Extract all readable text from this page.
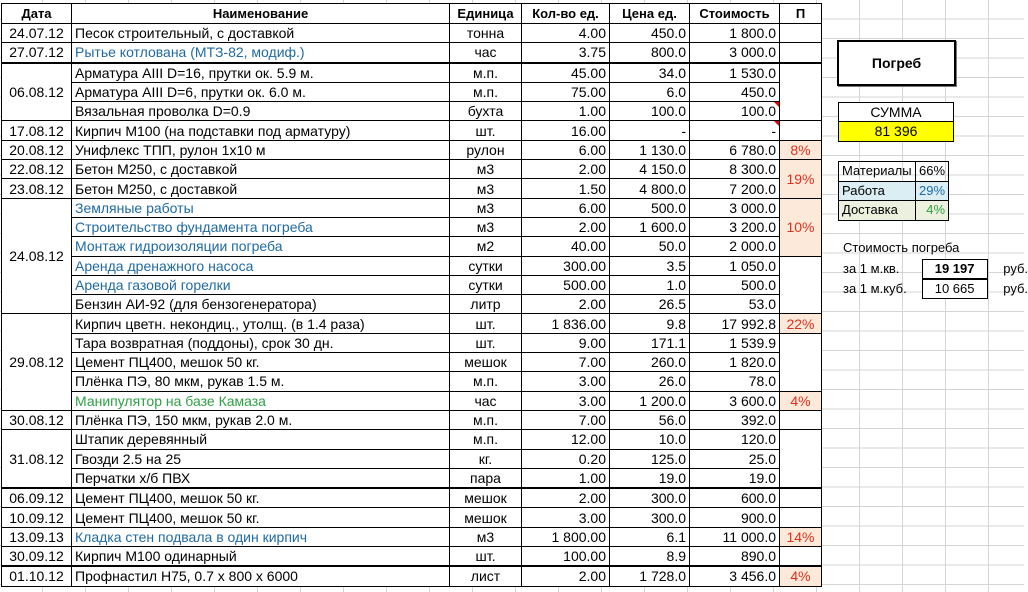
Дата	Наименование	Единица	Кол-во ед.	Цена ед.	Стоимость	П
24.07.12	Песок строительный, с доставкой	тонна	4.00	450.0	1 800.0	
27.07.12	Рытье котлована (МТЗ-82, модиф.)	час	3.75	800.0	3 000.0	
06.08.12	Арматура AIII D=16, прутки ок. 5.9 м.	м.п.	45.00	34.0	1 530.0	
	Арматура AIII D=6, прутки ок. 6.0 м.	м.п.	75.00	6.0	450.0	
	Вязальная проволка D=0.9	бухта	1.00	100.0	100.0	

17.08.12	Кирпич М100 (на подставки под арматуру)	шт.	16.00	-	-

20.08.12	Унифлекс ТПП, рулон 1х10 м	рулон	6.00	1 130.0	6 780.0	8%
22.08.12	Бетон М250, с доставкой	м3	2.00	4 150.0	8 300.0	19%
23.08.12	Бетон М250, с доставкой	м3	1.50	4 800.0	7 200.0	
24.08.12	Земляные работы	м3	6.00	500.0	3 000.0	10%
	Строительство фундамента погреба	м3	2.00	1 600.0	3 200.0	
	Монтаж гидроизоляции погреба	м2	40.00	50.0	2 000.0	
	Аренда дренажного насоса	сутки	300.00	3.5	1 050.0	
	Аренда газовой горелки	сутки	500.00	1.0	500.0	
	Бензин АИ-92 (для бензогенератора)	литр	2.00	26.5	53.0	
29.08.12	Кирпич цветн. некондиц., утолщ. (в 1.4 раза)	шт.	1 836.00	9.8	17 992.8	22%
	Тара возвратная (поддоны), срок 30 дн.	шт.	9.00	171.1	1 539.9	
	Цемент ПЦ400, мешок 50 кг.	мешок	7.00	260.0	1 820.0	
	Плёнка ПЭ, 80 мкм, рукав 1.5 м.	м.п.	3.00	26.0	78.0	
	Манипулятор на базе Камаза	час	3.00	1 200.0	3 600.0	4%
30.08.12	Плёнка ПЭ, 150 мкм, рукав 2.0 м.	м.п.	7.00	56.0	392.0	
31.08.12	Штапик деревянный	м.п.	12.00	10.0	120.0	
	Гвозди 2.5 на 25	кг.	0.20	125.0	25.0	
	Перчатки х/б ПВХ	пара	1.00	19.0	19.0	
06.09.12	Цемент ПЦ400, мешок 50 кг.	мешок	2.00	300.0	600.0	
10.09.12	Цемент ПЦ400, мешок 50 кг.	мешок	3.00	300.0	900.0	
13.09.13	Кладка стен подвала в один кирпич	м3	1 800.00	6.1	11 000.0	14%
30.09.12	Кирпич М100 одинарный	шт.	100.00	8.9	890.0	
01.10.12	Профнастил Н75, 0.7 х 800 х 6000	лист	2.00	1 728.0	3 456.0	4%
Погреб
СУММА
81 396
Материалы	66%
Работа	29%
Доставка	4%
Стоимость погреба
за 1 м.кв.	19 197 руб.
за 1 м.куб. 10 665 руб.
